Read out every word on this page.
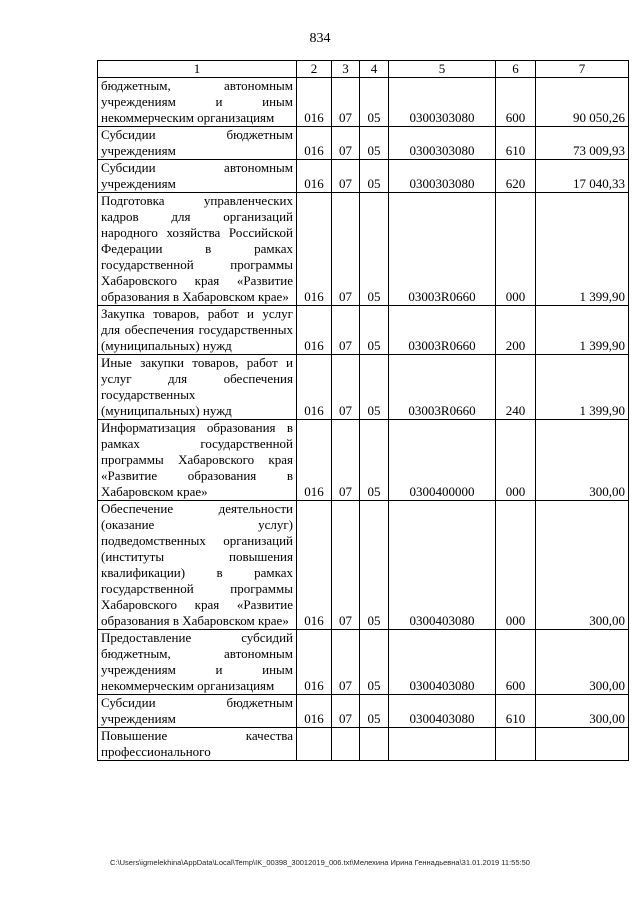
834
1	2	3	4	5	6	7
бюджетным, автономным учреждениям и иным некоммерческим организациям	016	07	05	0300303080	600	90 050,26
Субсидии бюджетным учреждениям	016	07	05	0300303080	610	73 009,93
Субсидии автономным учреждениям	016	07	05	0300303080	620	17 040,33
Подготовка управленческих кадров для организаций народного хозяйства Российской Федерации в рамках государственной программы Хабаровского края «Развитие образования в Хабаровском крае»	016	07	05	03003R0660	000	1 399,90
Закупка товаров, работ и услуг для обеспечения государственных (муниципальных) нужд	016	07	05	03003R0660	200	1 399,90
Иные закупки товаров, работ и услуг для обеспечения государственных (муниципальных) нужд	016	07	05	03003R0660	240	1 399,90
Информатизация образования в рамках государственной программы Хабаровского края «Развитие образования в Хабаровском крае»	016	07	05	0300400000	000	300,00
Обеспечение деятельности (оказание услуг) подведомственных организаций (институты повышения квалификации) в рамках государственной программы Хабаровского края «Развитие образования в Хабаровском крае»	016	07	05	0300403080	000	300,00
Предоставление субсидий бюджетным, автономным учреждениям и иным некоммерческим организациям	016	07	05	0300403080	600	300,00
Субсидии бюджетным учреждениям	016	07	05	0300403080	610	300,00
Повышение качества профессионального						
C:\Users\igmelekhina\AppData\Local\Temp\IK_00398_30012019_006.txt\Мелехина Ирина Геннадьевна\31.01.2019 11:55:50
